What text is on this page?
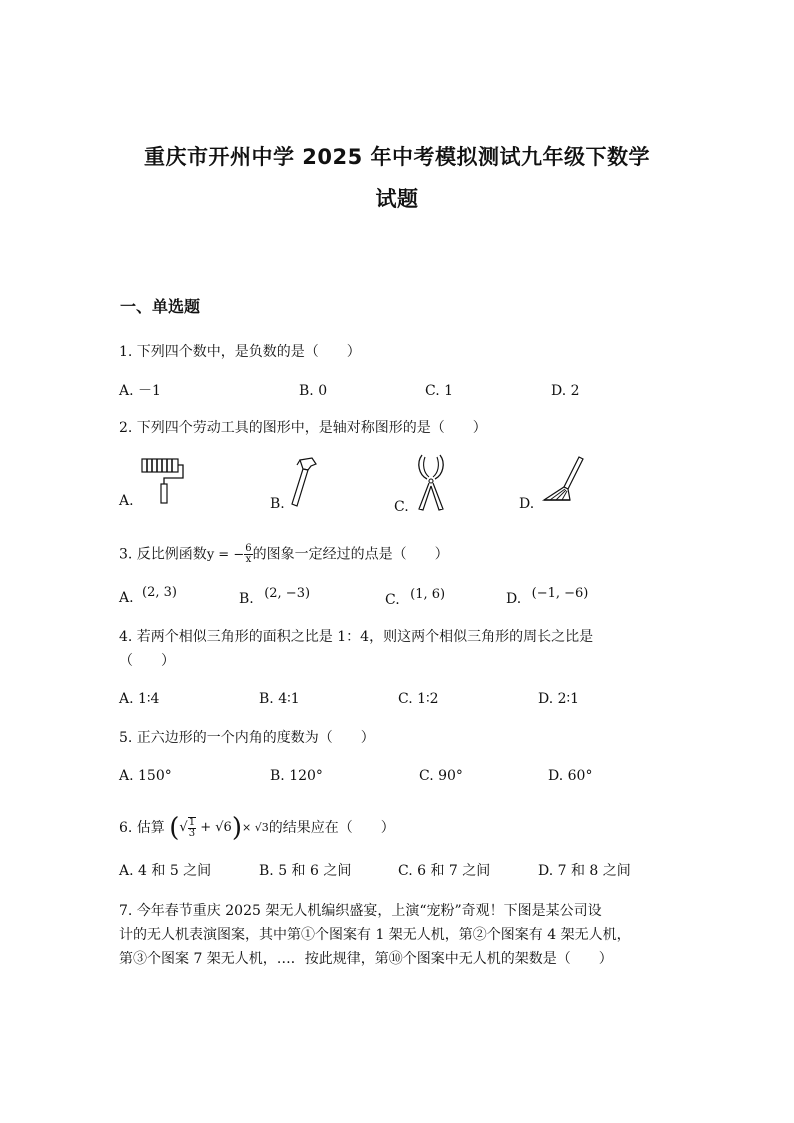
重庆市开州中学 2025 年中考模拟测试九年级下数学
试题
一、单选题
1. 下列四个数中，是负数的是（　　）
A. －1	B. 0	C. 1	D. 2
2. 下列四个劳动工具的图形中，是轴对称图形的是（　　）
A.	B.	C.	D.
3. 反比例函数y = − $\frac{6}{x}$ 的图象一定经过的点是（　　）
A. (2, 3)	B. (2, −3)	C. (1, 6)	D. (−1, −6)
4. 若两个相似三角形的面积之比是 1：4，则这两个相似三角形的周长之比是
（　　）
A. 1∶4	B. 4∶1	C. 1∶2	D. 2∶1
5. 正六边形的一个内角的度数为（　　）
A. 150°	B. 120°	C. 90°	D. 60°
6. 估算 (√ $\frac{1}{3} + √6)\times √3$的结果应在（　　）
A. 4 和 5 之间	B. 5 和 6 之间	C. 6 和 7 之间	D. 7 和 8 之间
7. 今年春节重庆 2025 架无人机编织盛宴，上演“宠粉”奇观！下图是某公司设
计的无人机表演图案，其中第①个图案有 1 架无人机，第②个图案有 4 架无人机，
第③个图案 7 架无人机，…．按此规律，第⑩个图案中无人机的架数是（　　）
